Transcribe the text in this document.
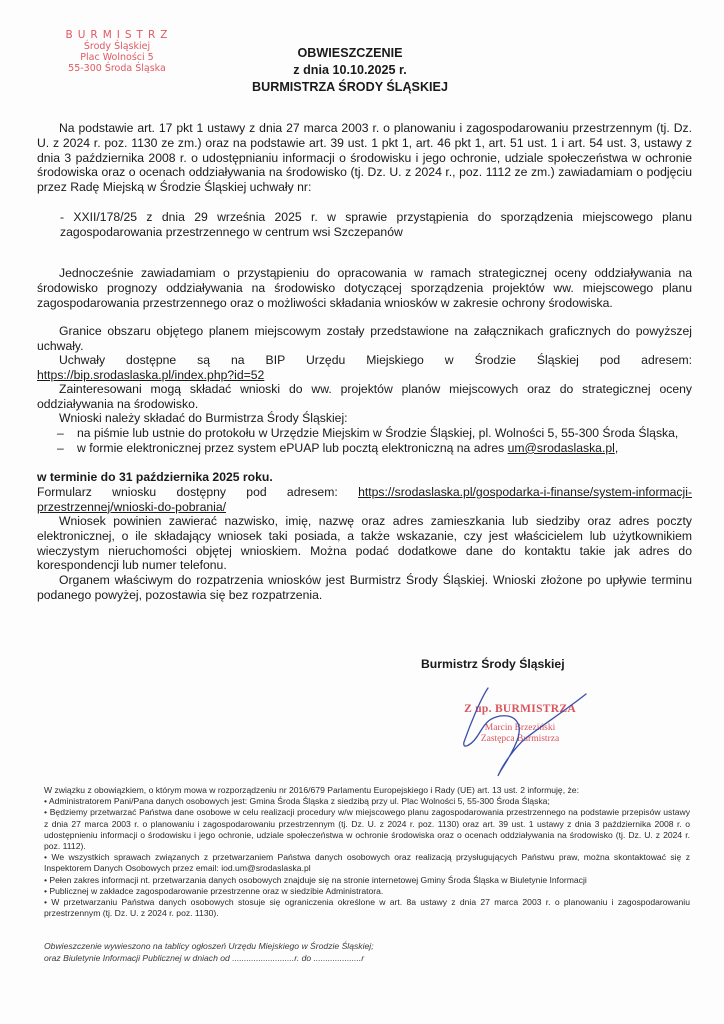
BURMISTRZ
Środy Śląskiej
Plac Wolności 5
55-300 Środa Śląska
OBWIESZCZENIE
z dnia 10.10.2025 r.
BURMISTRZA ŚRODY ŚLĄSKIEJ
Na podstawie art. 17 pkt 1 ustawy z dnia 27 marca 2003 r. o planowaniu i zagospodarowaniu przestrzennym (tj. Dz. U. z 2024 r. poz. 1130 ze zm.) oraz na podstawie art. 39 ust. 1 pkt 1, art. 46 pkt 1, art. 51 ust. 1 i art. 54 ust. 3, ustawy z dnia 3 października 2008 r. o udostępnianiu informacji o środowisku i jego ochronie, udziale społeczeństwa w ochronie środowiska oraz o ocenach oddziaływania na środowisko (tj. Dz. U. z 2024 r., poz. 1112 ze zm.) zawiadamiam o podjęciu przez Radę Miejską w Środzie Śląskiej uchwały nr:
- XXII/178/25 z dnia 29 września 2025 r. w sprawie przystąpienia do sporządzenia miejscowego planu zagospodarowania przestrzennego w centrum wsi Szczepanów
Jednocześnie zawiadamiam o przystąpieniu do opracowania w ramach strategicznej oceny oddziaływania na środowisko prognozy oddziaływania na środowisko dotyczącej sporządzenia projektów ww. miejscowego planu zagospodarowania przestrzennego oraz o możliwości składania wniosków w zakresie ochrony środowiska.
Granice obszaru objętego planem miejscowym zostały przedstawione na załącznikach graficznych do powyższej uchwały.

Uchwały dostępne są na BIP Urzędu Miejskiego w Środzie Śląskiej pod adresem:

https://bip.srodaslaska.pl/index.php?id=52
Zainteresowani mogą składać wnioski do ww. projektów planów miejscowych oraz do strategicznej oceny oddziaływania na środowisko.
Wnioski należy składać do Burmistrza Środy Śląskiej:
– na piśmie lub ustnie do protokołu w Urzędzie Miejskim w Środzie Śląskiej, pl. Wolności 5, 55-300 Środa Śląska,
– w formie elektronicznej przez system ePUAP lub pocztą elektroniczną na adres um@srodaslaska.pl,
w terminie do 31 października 2025 roku.
Formularz wniosku dostępny pod adresem: https://srodaslaska.pl/gospodarka-i-finanse/system-informacji-przestrzennej/wnioski-do-pobrania/
Wniosek powinien zawierać nazwisko, imię, nazwę oraz adres zamieszkania lub siedziby oraz adres poczty elektronicznej, o ile składający wniosek taki posiada, a także wskazanie, czy jest właścicielem lub użytkownikiem wieczystym nieruchomości objętej wnioskiem. Można podać dodatkowe dane do kontaktu takie jak adres do korespondencji lub numer telefonu.
Organem właściwym do rozpatrzenia wniosków jest Burmistrz Środy Śląskiej. Wnioski złożone po upływie terminu podanego powyżej, pozostawia się bez rozpatrzenia.
Burmistrz Środy Śląskiej
Z up. BURMISTRZA
Marcin Brzeziński
Zastępca Burmistrza

W związku z obowiązkiem, o którym mowa w rozporządzeniu nr 2016/679 Parlamentu Europejskiego i Rady (UE) art. 13 ust. 2 informuję, że:

• Administratorem Pani/Pana danych osobowych jest: Gmina Środa Śląska z siedzibą przy ul. Plac Wolności 5, 55-300 Środa Śląska;

• Będziemy przetwarzać Państwa dane osobowe w celu realizacji procedury w/w miejscowego planu zagospodarowania przestrzennego na podstawie przepisów ustawy z dnia 27 marca 2003 r. o planowaniu i zagospodarowaniu przestrzennym (tj. Dz. U. z 2024 r. poz. 1130) oraz art. 39 ust. 1 ustawy z dnia 3 października 2008 r. o udostępnieniu informacji o środowisku i jego ochronie, udziale społeczeństwa w ochronie środowiska oraz o ocenach oddziaływania na środowisko (tj. Dz. U. z 2024 r. poz. 1112).

• We wszystkich sprawach związanych z przetwarzaniem Państwa danych osobowych oraz realizacją przysługujących Państwu praw, można skontaktować się z Inspektorem Danych Osobowych przez email: iod.um@srodaslaska.pl

• Pełen zakres informacji nt. przetwarzania danych osobowych znajduje się na stronie internetowej Gminy Środa Śląska w Biuletynie Informacji

• Publicznej w zakładce zagospodarowanie przestrzenne oraz w siedzibie Administratora.

• W przetwarzaniu Państwa danych osobowych stosuje się ograniczenia określone w art. 8a ustawy z dnia 27 marca 2003 r. o planowaniu i zagospodarowaniu przestrzennym (tj. Dz. U. z 2024 r. poz. 1130).

Obwieszczenie wywieszono na tablicy ogłoszeń Urzędu Miejskiego w Środzie Śląskiej;
oraz Biuletynie Informacji Publicznej w dniach od ..........................r. do ....................r
